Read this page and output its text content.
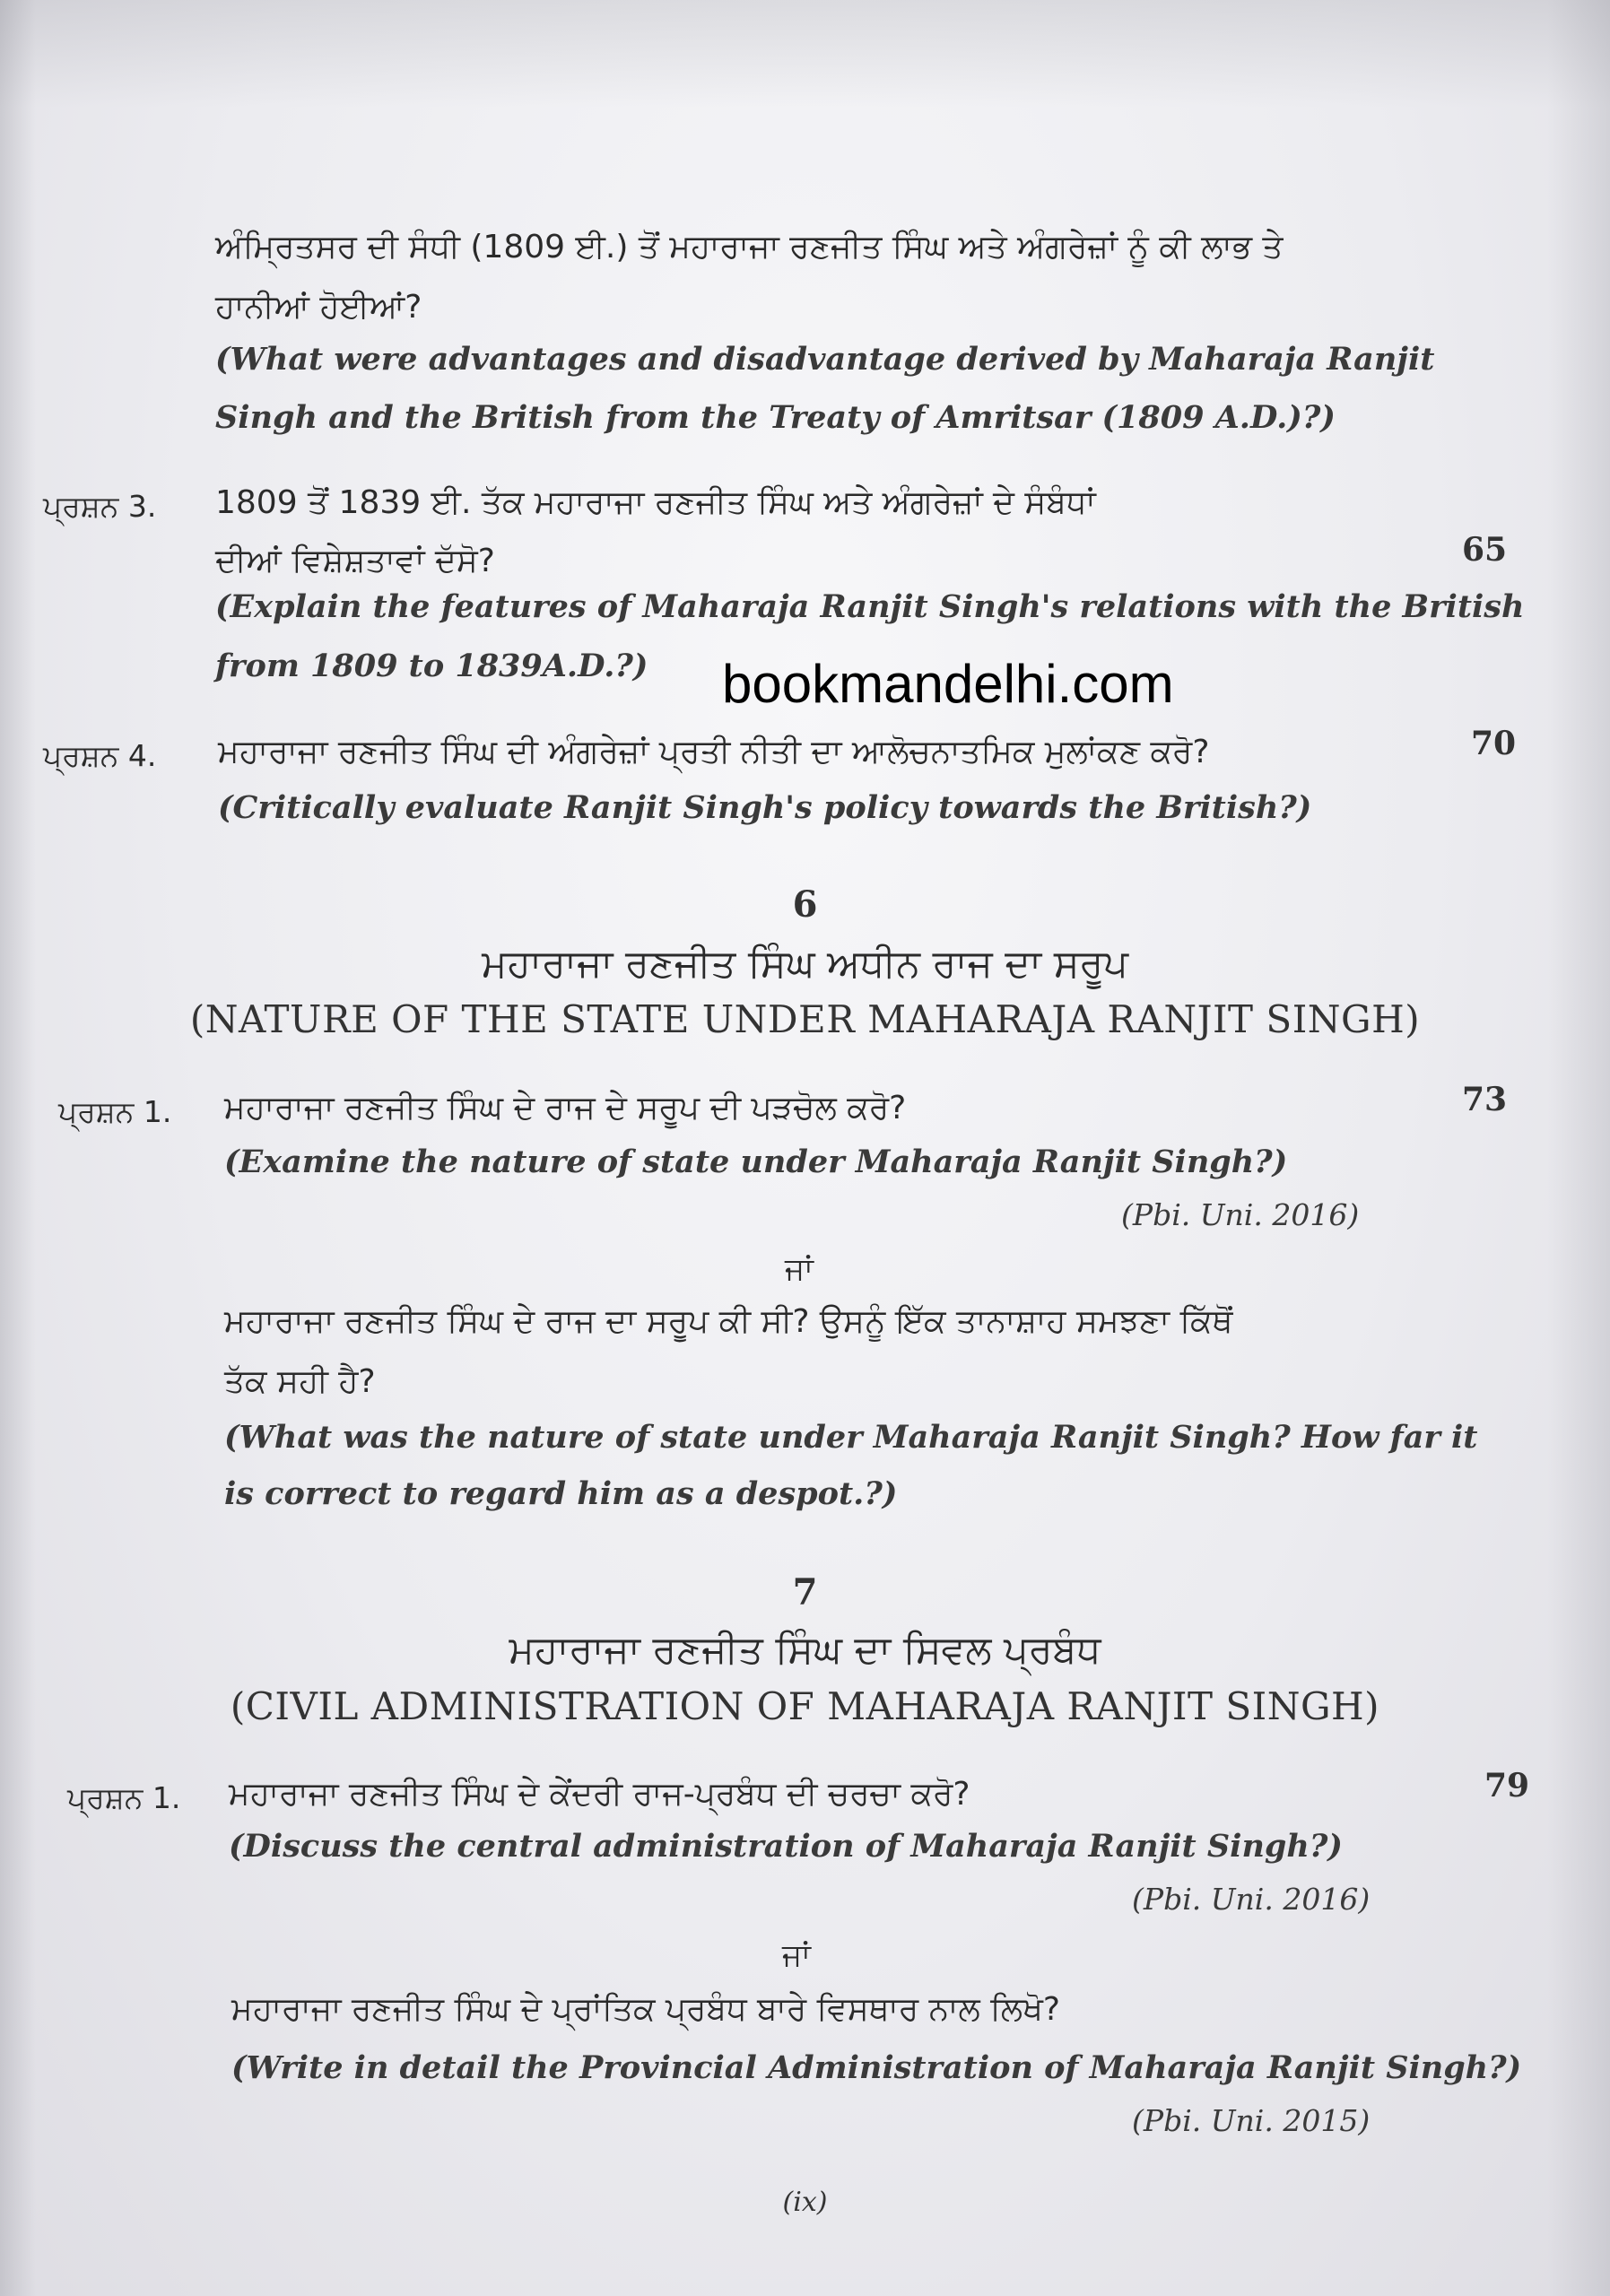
ਅੰਮ੍ਰਿਤਸਰ ਦੀ ਸੰਧੀ (1809 ਈ.) ਤੋਂ ਮਹਾਰਾਜਾ ਰਣਜੀਤ ਸਿੰਘ ਅਤੇ ਅੰਗਰੇਜ਼ਾਂ ਨੂੰ ਕੀ ਲਾਭ ਤੇ
ਹਾਨੀਆਂ ਹੋਈਆਂ?
(What were advantages and disadvantage derived by Maharaja Ranjit
Singh and the British from the Treaty of Amritsar (1809 A.D.)?)
ਪ੍ਰਸ਼ਨ 3. 1809 ਤੋਂ 1839 ਈ. ਤੱਕ ਮਹਾਰਾਜਾ ਰਣਜੀਤ ਸਿੰਘ ਅਤੇ ਅੰਗਰੇਜ਼ਾਂ ਦੇ ਸੰਬੰਧਾਂ
ਦੀਆਂ ਵਿਸ਼ੇਸ਼ਤਾਵਾਂ ਦੱਸੋ?	65
(Explain the features of Maharaja Ranjit Singh's relations with the British
from 1809 to 1839A.D.?) bookmandelhi.com
ਪ੍ਰਸ਼ਨ 4. ਮਹਾਰਾਜਾ ਰਣਜੀਤ ਸਿੰਘ ਦੀ ਅੰਗਰੇਜ਼ਾਂ ਪ੍ਰਤੀ ਨੀਤੀ ਦਾ ਆਲੋਚਨਾਤਮਿਕ ਮੁਲਾਂਕਣ ਕਰੋ?	70
(Critically evaluate Ranjit Singh's policy towards the British?)
6
ਮਹਾਰਾਜਾ ਰਣਜੀਤ ਸਿੰਘ ਅਧੀਨ ਰਾਜ ਦਾ ਸਰੂਪ
(NATURE OF THE STATE UNDER MAHARAJA RANJIT SINGH)
ਪ੍ਰਸ਼ਨ 1. ਮਹਾਰਾਜਾ ਰਣਜੀਤ ਸਿੰਘ ਦੇ ਰਾਜ ਦੇ ਸਰੂਪ ਦੀ ਪੜਚੋਲ ਕਰੋ?	73
(Examine the nature of state under Maharaja Ranjit Singh?)
(Pbi. Uni. 2016)
ਜਾਂ
ਮਹਾਰਾਜਾ ਰਣਜੀਤ ਸਿੰਘ ਦੇ ਰਾਜ ਦਾ ਸਰੂਪ ਕੀ ਸੀ? ਉਸਨੂੰ ਇੱਕ ਤਾਨਾਸ਼ਾਹ ਸਮਝਣਾ ਕਿੱਥੋਂ
ਤੱਕ ਸਹੀ ਹੈ?
(What was the nature of state under Maharaja Ranjit Singh? How far it
is correct to regard him as a despot.?)
7
ਮਹਾਰਾਜਾ ਰਣਜੀਤ ਸਿੰਘ ਦਾ ਸਿਵਲ ਪ੍ਰਬੰਧ
(CIVIL ADMINISTRATION OF MAHARAJA RANJIT SINGH)
ਪ੍ਰਸ਼ਨ 1. ਮਹਾਰਾਜਾ ਰਣਜੀਤ ਸਿੰਘ ਦੇ ਕੇਂਦਰੀ ਰਾਜ-ਪ੍ਰਬੰਧ ਦੀ ਚਰਚਾ ਕਰੋ?	79
(Discuss the central administration of Maharaja Ranjit Singh?)
(Pbi. Uni. 2016)
ਜਾਂ
ਮਹਾਰਾਜਾ ਰਣਜੀਤ ਸਿੰਘ ਦੇ ਪ੍ਰਾਂਤਿਕ ਪ੍ਰਬੰਧ ਬਾਰੇ ਵਿਸਥਾਰ ਨਾਲ ਲਿਖੋ?
(Write in detail the Provincial Administration of Maharaja Ranjit Singh?)
(Pbi. Uni. 2015)
(ix)
